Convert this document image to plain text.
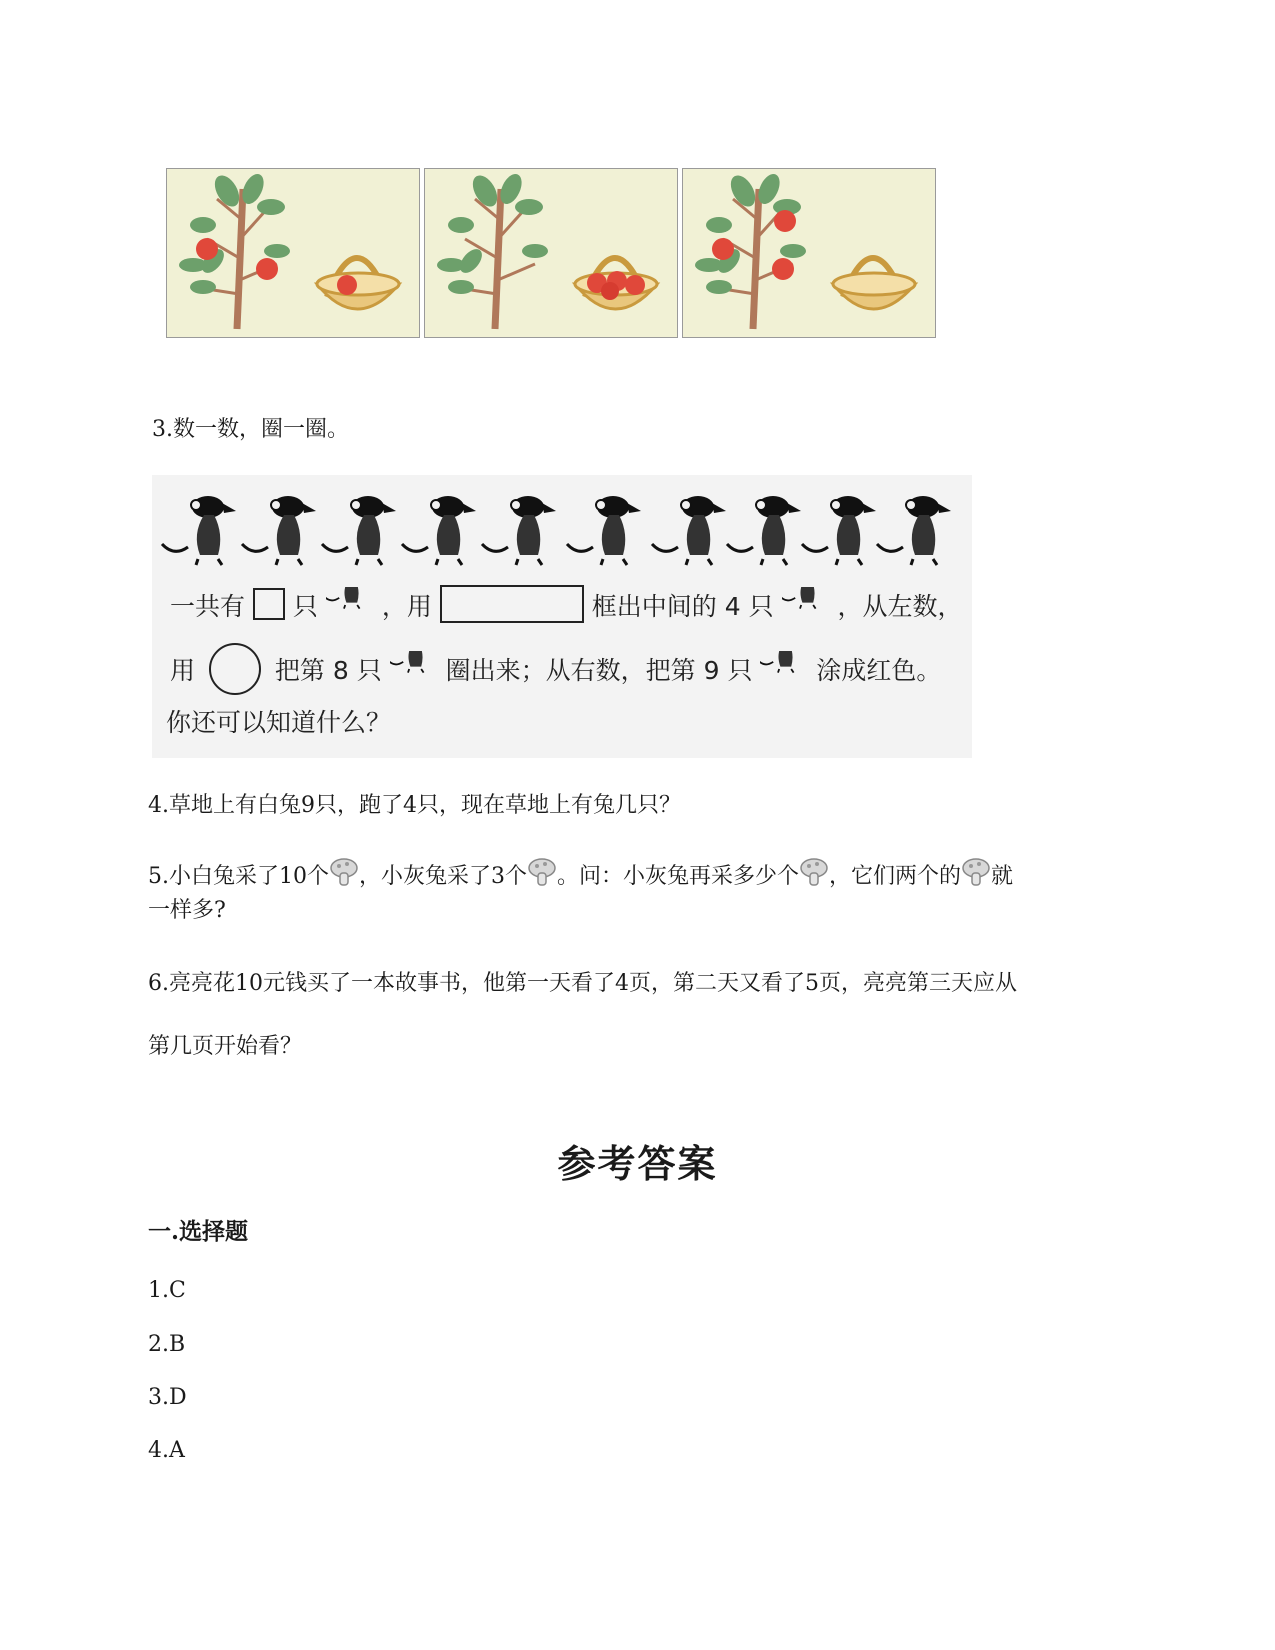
3.数一数，圈一圈。
一共有 只	，用	框出中间的 4 只	，从左数，
用	把第 8 只	圈出来；从右数，把第 9 只	涂成红色。
你还可以知道什么？
4.草地上有白兔9只，跑了4只，现在草地上有兔几只？
5.小白兔采了10个 ，小灰兔采了3个 。问：小灰兔再采多少个 ，它们两个的 就
一样多?
6.亮亮花10元钱买了一本故事书，他第一天看了4页，第二天又看了5页，亮亮第三天应从
第几页开始看？
参考答案
一.选择题
1.C
2.B
3.D
4.A
